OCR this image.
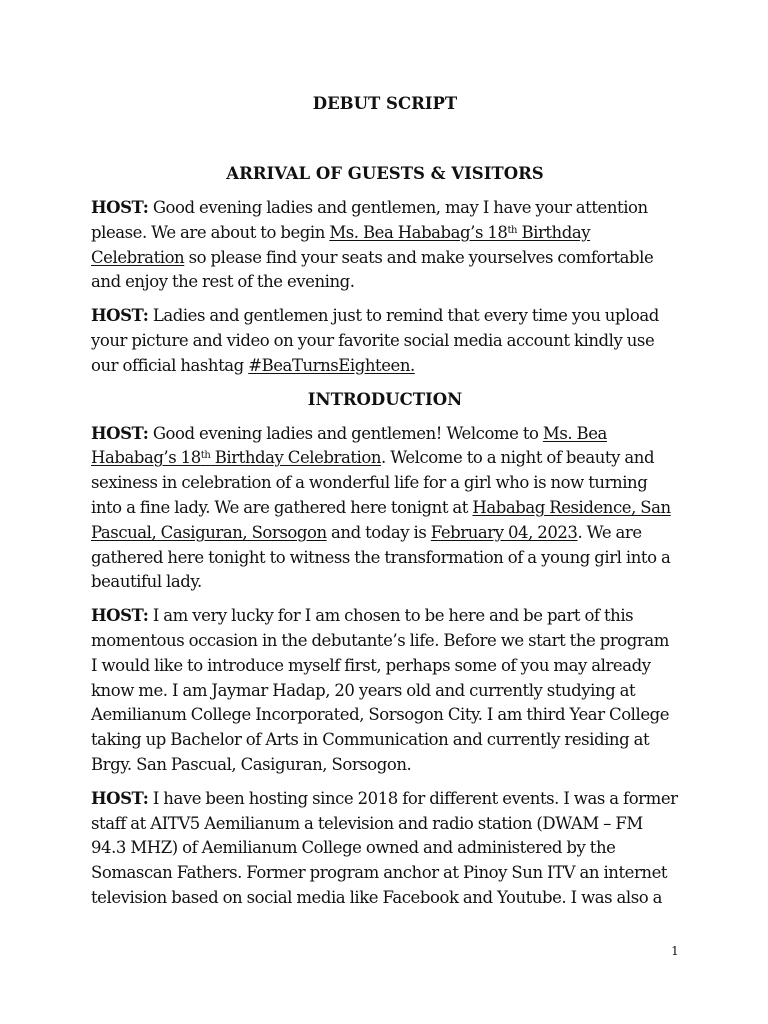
DEBUT SCRIPT
ARRIVAL OF GUESTS & VISITORS

HOST: Good evening ladies and gentlemen, may I have your attention please. We are about to begin Ms. Bea Hababag’s 18th Birthday Celebration so please find your seats and make yourselves comfortable and enjoy the rest of the evening.

HOST: Ladies and gentlemen just to remind that every time you upload your picture and video on your favorite social media account kindly use our official hashtag #BeaTurnsEighteen.

INTRODUCTION

HOST: Good evening ladies and gentlemen! Welcome to Ms. Bea Hababag’s 18th Birthday Celebration. Welcome to a night of beauty and sexiness in celebration of a wonderful life for a girl who is now turning into a fine lady. We are gathered here tonignt at Hababag Residence, San Pascual, Casiguran, Sorsogon and today is February 04, 2023. We are gathered here tonight to witness the transformation of a young girl into a beautiful lady.

HOST: I am very lucky for I am chosen to be here and be part of this momentous occasion in the debutante’s life. Before we start the program I would like to introduce myself first, perhaps some of you may already know me. I am Jaymar Hadap, 20 years old and currently studying at Aemilianum College Incorporated, Sorsogon City. I am third Year College taking up Bachelor of Arts in Communication and currently residing at Brgy. San Pascual, Casiguran, Sorsogon.

HOST: I have been hosting since 2018 for different events. I was a former staff at AITV5 Aemilianum a television and radio station (DWAM – FM 94.3 MHZ) of Aemilianum College owned and administered by the Somascan Fathers. Former program anchor at Pinoy Sun ITV an internet television based on social media like Facebook and Youtube. I was also a

1
